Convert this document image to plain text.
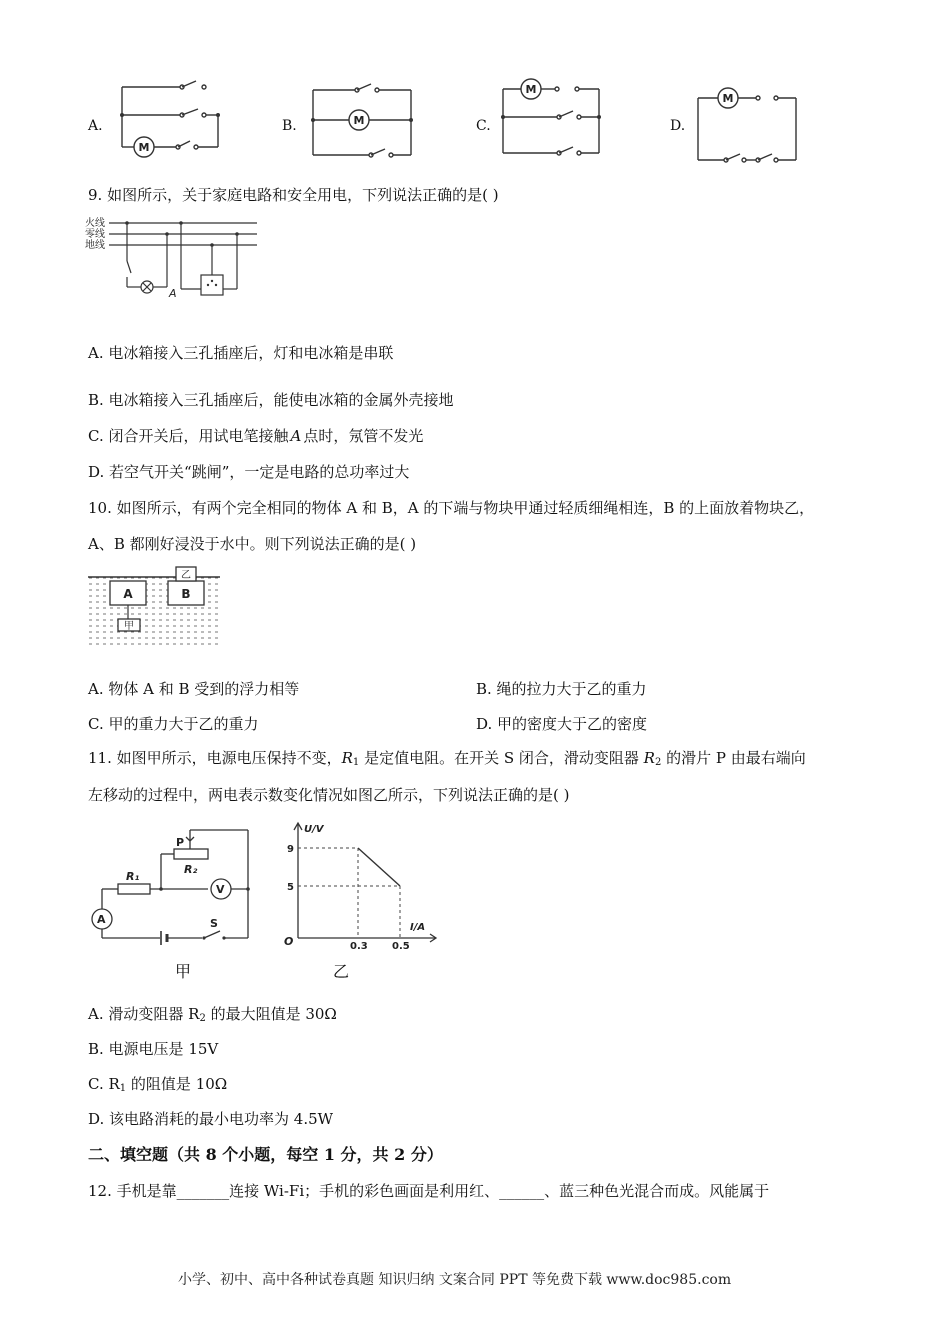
A.
M
B.	M	C.
M
D.
M
9. 如图所示，关于家庭电路和安全用电，下列说法正确的是( )
火线
零线
地线
A
A. 电冰箱接入三孔插座后，灯和电冰箱是串联
B. 电冰箱接入三孔插座后，能使电冰箱的金属外壳接地
C. 闭合开关后，用试电笔接触 A 点时，氖管不发光
D. 若空气开关“跳闸”，一定是电路的总功率过大
10. 如图所示，有两个完全相同的物体 A 和 B，A 的下端与物块甲通过轻质细绳相连，B 的上面放着物块乙，
A、B 都刚好浸没于水中。则下列说法正确的是( )
A	B
乙
甲
A. 物体 A 和 B 受到的浮力相等	B. 绳的拉力大于乙的重力
C. 甲的重力大于乙的重力	D. 甲的密度大于乙的密度
11. 如图甲所示，电源电压保持不变，$R_1$ 是定值电阻。在开关 S 闭合，滑动变阻器 $R_2$ 的滑片 P 由最右端向
左移动的过程中，两电表示数变化情况如图乙所示，下列说法正确的是( )
P
R₂
R₁
V
A	S
U/V
I/A
O
9
5
0.3 0.5
甲	乙
A. 滑动变阻器 $R_2$ 的最大阻值是 30Ω
B. 电源电压是 15V
C. $R_1$ 的阻值是 10Ω
D. 该电路消耗的最小电功率为 4.5W
二、填空题（共 8 个小题，每空 1 分，共 2 分）
12. 手机是靠_______连接 Wi-Fi；手机的彩色画面是利用红、______、蓝三种色光混合而成。风能属于
小学、初中、高中各种试卷真题 知识归纳 文案合同 PPT 等免费下载 www.doc985.com
